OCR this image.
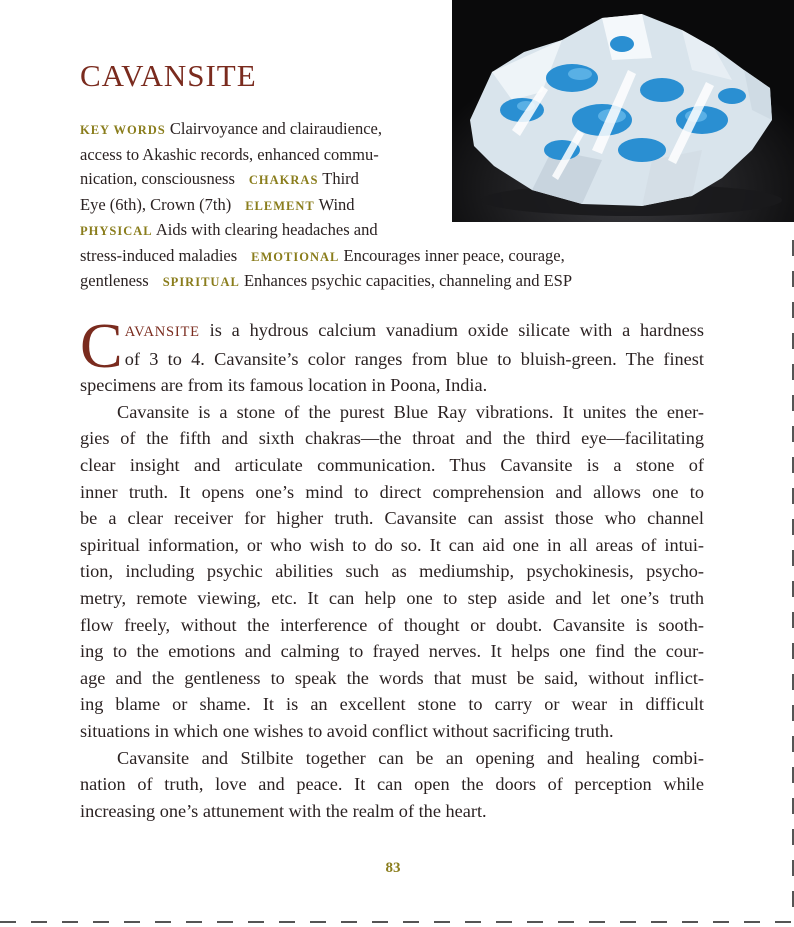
CAVANSITE
KEY WORDS Clairvoyance and clairaudience,
access to Akashic records, enhanced commu-
nication, consciousness CHAKRAS Third
Eye (6th), Crown (7th) ELEMENT Wind
PHYSICAL Aids with clearing headaches and
stress-induced maladies EMOTIONAL Encourages inner peace, courage,
gentleness SPIRITUAL Enhances psychic capacities, channeling and ESP

C AVANSITE is a hydrous calcium vanadium oxide silicate with a hardness
of 3 to 4. Cavansite’s color ranges from blue to bluish-green. The finest
specimens are from its famous location in Poona, India.

Cavansite is a stone of the purest Blue Ray vibrations. It unites the ener-
gies of the fifth and sixth chakras—the throat and the third eye—facilitating
clear insight and articulate communication. Thus Cavansite is a stone of
inner truth. It opens one’s mind to direct comprehension and allows one to
be a clear receiver for higher truth. Cavansite can assist those who channel
spiritual information, or who wish to do so. It can aid one in all areas of intui-
tion, including psychic abilities such as mediumship, psychokinesis, psycho-
metry, remote viewing, etc. It can help one to step aside and let one’s truth
flow freely, without the interference of thought or doubt. Cavansite is sooth-
ing to the emotions and calming to frayed nerves. It helps one find the cour-
age and the gentleness to speak the words that must be said, without inflict-
ing blame or shame. It is an excellent stone to carry or wear in difficult
situations in which one wishes to avoid conflict without sacrificing truth.

Cavansite and Stilbite together can be an opening and healing combi-
nation of truth, love and peace. It can open the doors of perception while
increasing one’s attunement with the realm of the heart.

83
